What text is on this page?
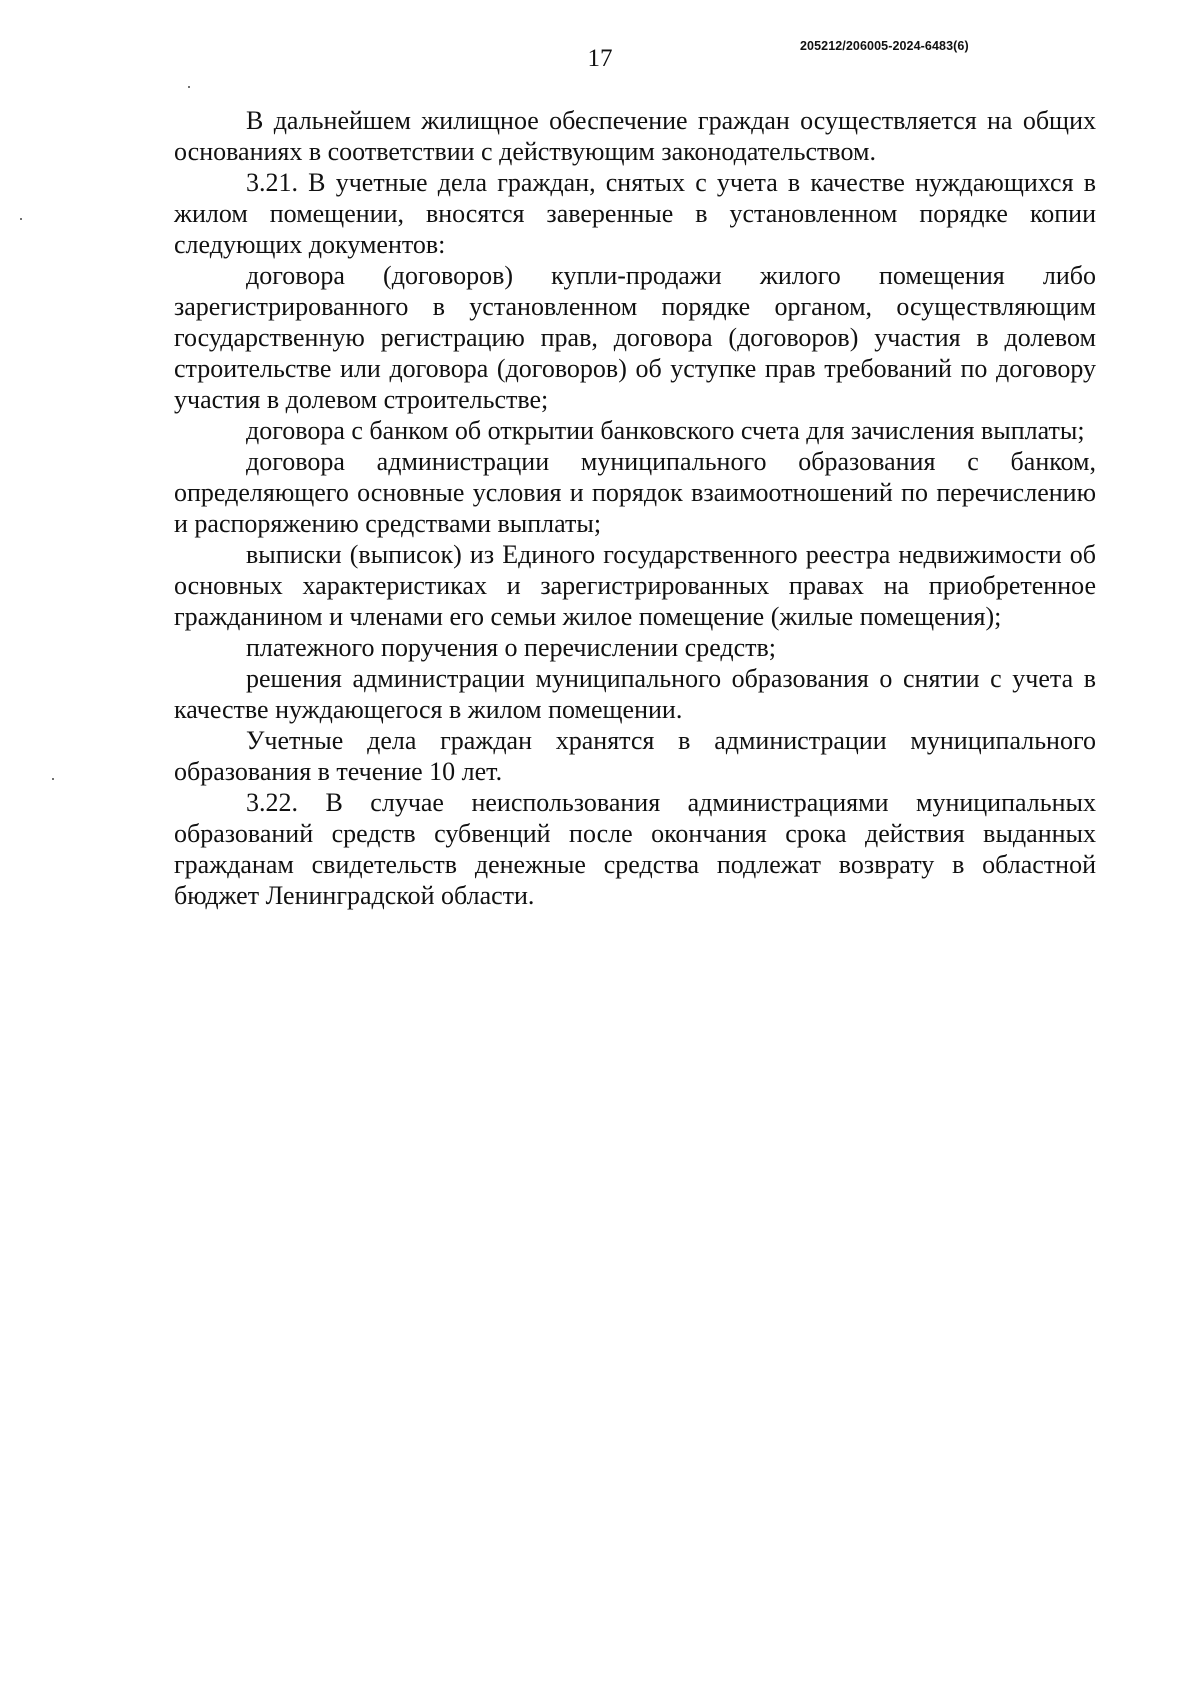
17	205212/206005-2024-6483(6)

В дальнейшем жилищное обеспечение граждан осуществляется на общих основаниях в соответствии с действующим законодательством.

3.21. В учетные дела граждан, снятых с учета в качестве нуждающихся в жилом помещении, вносятся заверенные в установленном порядке копии следующих документов:

договора (договоров) купли-продажи жилого помещения либо зарегистрированного в установленном порядке органом, осуществляющим государственную регистрацию прав, договора (договоров) участия в долевом строительстве или договора (договоров) об уступке прав требований по договору участия в долевом строительстве;

договора с банком об открытии банковского счета для зачисления выплаты;

договора администрации муниципального образования с банком, определяющего основные условия и порядок взаимоотношений по перечислению и распоряжению средствами выплаты;

выписки (выписок) из Единого государственного реестра недвижимости об основных характеристиках и зарегистрированных правах на приобретенное гражданином и членами его семьи жилое помещение (жилые помещения);

платежного поручения о перечислении средств;

решения администрации муниципального образования о снятии с учета в качестве нуждающегося в жилом помещении.

Учетные дела граждан хранятся в администрации муниципального образования в течение 10 лет.

3.22. В случае неиспользования администрациями муниципальных образований средств субвенций после окончания срока действия выданных гражданам свидетельств денежные средства подлежат возврату в областной бюджет Ленинградской области.
